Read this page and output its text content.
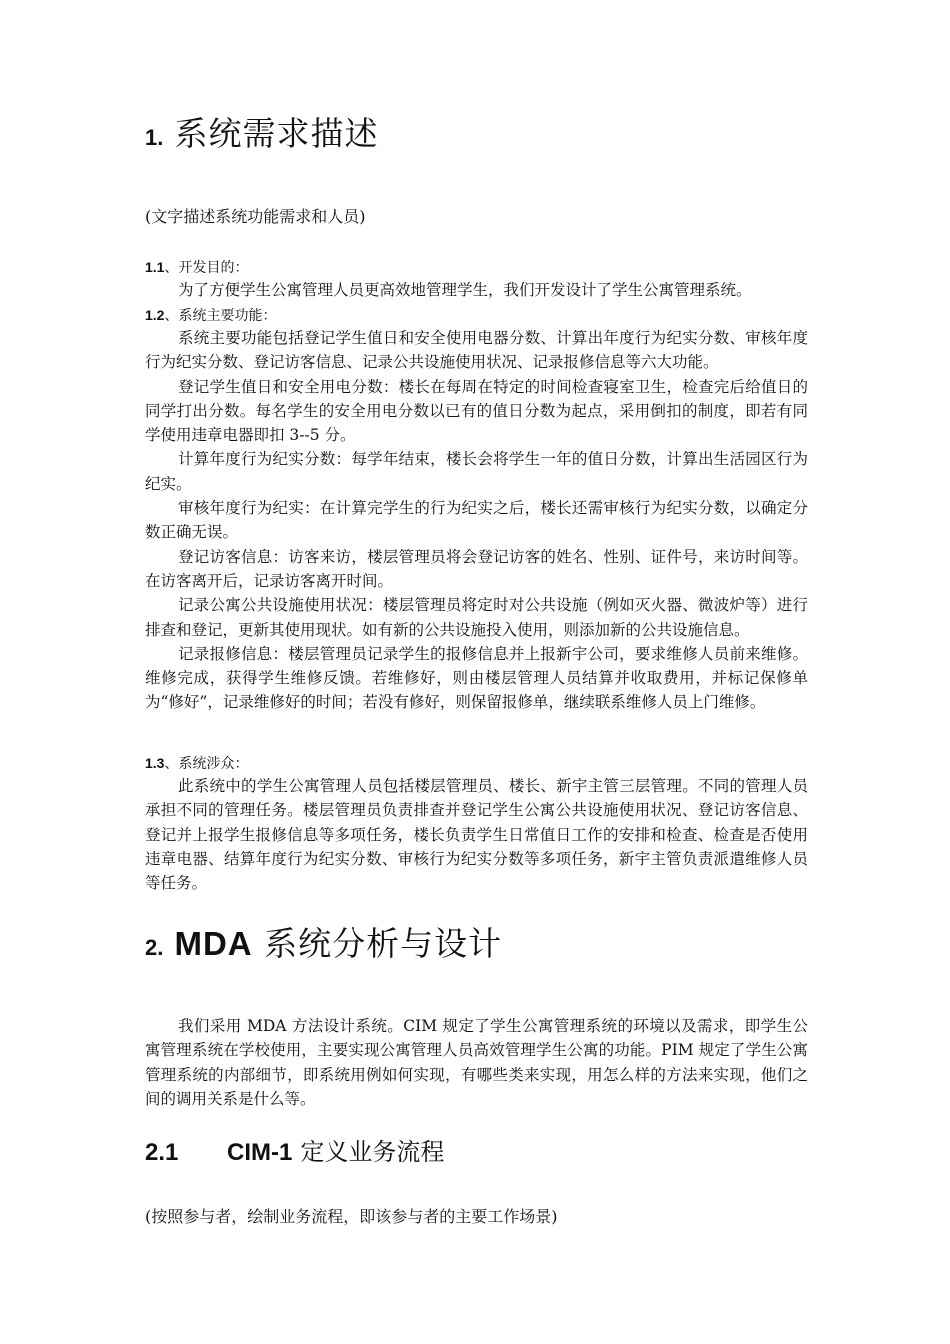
1. 系统需求描述
(文字描述系统功能需求和人员)
1.1、开发目的：

为了方便学生公寓管理人员更高效地管理学生，我们开发设计了学生公寓管理系统。

1.2、系统主要功能：

系统主要功能包括登记学生值日和安全使用电器分数、计算出年度行为纪实分数、审核年度行为纪实分数、登记访客信息、记录公共设施使用状况、记录报修信息等六大功能。

登记学生值日和安全用电分数：楼长在每周在特定的时间检查寝室卫生，检查完后给值日的同学打出分数。每名学生的安全用电分数以已有的值日分数为起点，采用倒扣的制度，即若有同学使用违章电器即扣 3--5 分。

计算年度行为纪实分数：每学年结束，楼长会将学生一年的值日分数，计算出生活园区行为纪实。

审核年度行为纪实：在计算完学生的行为纪实之后，楼长还需审核行为纪实分数，以确定分数正确无误。

登记访客信息：访客来访，楼层管理员将会登记访客的姓名、性别、证件号，来访时间等。在访客离开后，记录访客离开时间。

记录公寓公共设施使用状况：楼层管理员将定时对公共设施（例如灭火器、微波炉等）进行排查和登记，更新其使用现状。如有新的公共设施投入使用，则添加新的公共设施信息。

记录报修信息：楼层管理员记录学生的报修信息并上报新宇公司，要求维修人员前来维修。维修完成，获得学生维修反馈。若维修好，则由楼层管理人员结算并收取费用，并标记保修单为“修好”，记录维修好的时间；若没有修好，则保留报修单，继续联系维修人员上门维修。

1.3、系统涉众：

此系统中的学生公寓管理人员包括楼层管理员、楼长、新宇主管三层管理。不同的管理人员承担不同的管理任务。楼层管理员负责排查并登记学生公寓公共设施使用状况、登记访客信息、登记并上报学生报修信息等多项任务，楼长负责学生日常值日工作的安排和检查、检查是否使用违章电器、结算年度行为纪实分数、审核行为纪实分数等多项任务，新宇主管负责派遣维修人员等任务。

2. MDA 系统分析与设计

我们采用 MDA 方法设计系统。CIM 规定了学生公寓管理系统的环境以及需求，即学生公寓管理系统在学校使用，主要实现公寓管理人员高效管理学生公寓的功能。PIM 规定了学生公寓管理系统的内部细节，即系统用例如何实现，有哪些类来实现，用怎么样的方法来实现，他们之间的调用关系是什么等。

2.1 CIM-1 定义业务流程
(按照参与者，绘制业务流程，即该参与者的主要工作场景)
